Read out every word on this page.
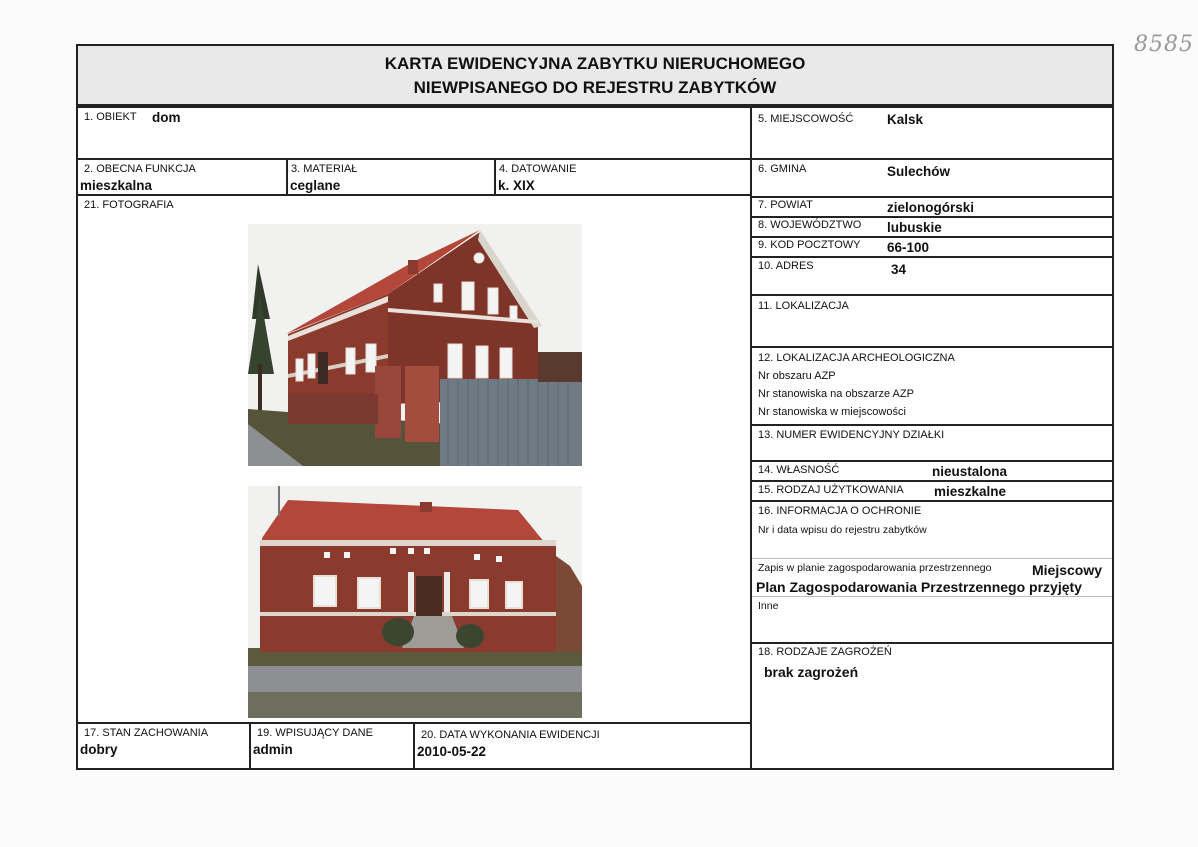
8585
KARTA EWIDENCYJNA ZABYTKU NIERUCHOMEGO
NIEWPISANEGO DO REJESTRU ZABYTKÓW
1. OBIEKT dom
2. OBECNA FUNKCJA
mieszkalna
3. MATERIAŁ
ceglane
4. DATOWANIE
k. XIX
21. FOTOGRAFIA
17. STAN ZACHOWANIA
dobry
19. WPISUJĄCY DANE
admin
20. DATA WYKONANIA EWIDENCJI
2010-05-22
5. MIEJSCOWOŚĆ Kalsk
6. GMINA	Sulechów
7. POWIAT	zielonogórski
8. WOJEWÓDZTWO lubuskie
9. KOD POCZTOWY 66-100
10. ADRES	34
11. LOKALIZACJA
12. LOKALIZACJA ARCHEOLOGICZNA
Nr obszaru AZP
Nr stanowiska na obszarze AZP
Nr stanowiska w miejscowości
13. NUMER EWIDENCYJNY DZIAŁKI
14. WŁASNOŚĆ	nieustalona
15. RODZAJ UŻYTKOWANIA mieszkalne
16. INFORMACJA O OCHRONIE
Nr i data wpisu do rejestru zabytków
Zapis w planie zagospodarowania przestrzennego	Miejscowy
Plan Zagospodarowania Przestrzennego przyjęty
Inne
18. RODZAJE ZAGROŻEŃ
brak zagrożeń
